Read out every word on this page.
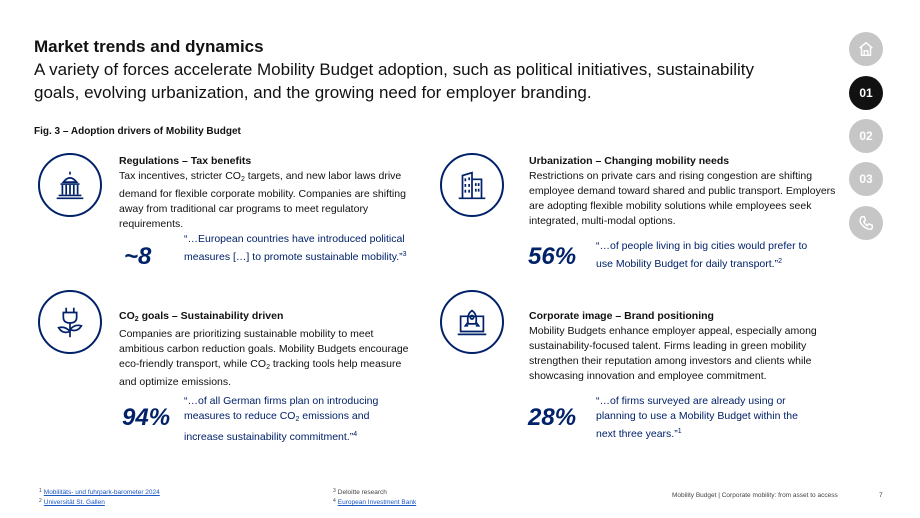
Market trends and dynamics
A variety of forces accelerate Mobility Budget adoption, such as political initiatives, sustainability goals, evolving urbanization, and the growing need for employer branding.
Fig. 3 – Adoption drivers of Mobility Budget
Regulations – Tax benefits
Tax incentives, stricter $CO_2$ targets, and new labor laws drive demand for flexible corporate mobility. Companies are shifting away from traditional car programs to meet regulatory requirements.
~8
“…European countries have introduced political measures […] to promote sustainable mobility.”$^3$
Urbanization – Changing mobility needs
Restrictions on private cars and rising congestion are shifting employee demand toward shared and public transport. Employers are adopting flexible mobility solutions while employees seek integrated, multi-modal options.
56% “…of people living in big cities would prefer to use Mobility Budget for daily transport.”$^2$
$CO_2$ goals – Sustainability driven
Companies are prioritizing sustainable mobility to meet ambitious carbon reduction goals. Mobility Budgets encourage eco-friendly transport, while $CO_2$ tracking tools help measure and optimize emissions.
94%
“…of all German firms plan on introducing measures to reduce $CO_2$ emissions and increase sustainability commitment.”$^4$
Corporate image – Brand positioning
Mobility Budgets enhance employer appeal, especially among sustainability-focused talent. Firms leading in green mobility strengthen their reputation among investors and clients while showcasing innovation and employee commitment.
28%
“…of firms surveyed are already using or planning to use a Mobility Budget within the next three years.”$^1$
01
02
03
$^1$ Mobilitäts- und fuhrpark-barometer 2024
$^2$ Universität St. Gallen
$^3$ Deloitte research
$^4$ European Investment Bank
Mobility Budget | Corporate mobility: from asset to access	7
